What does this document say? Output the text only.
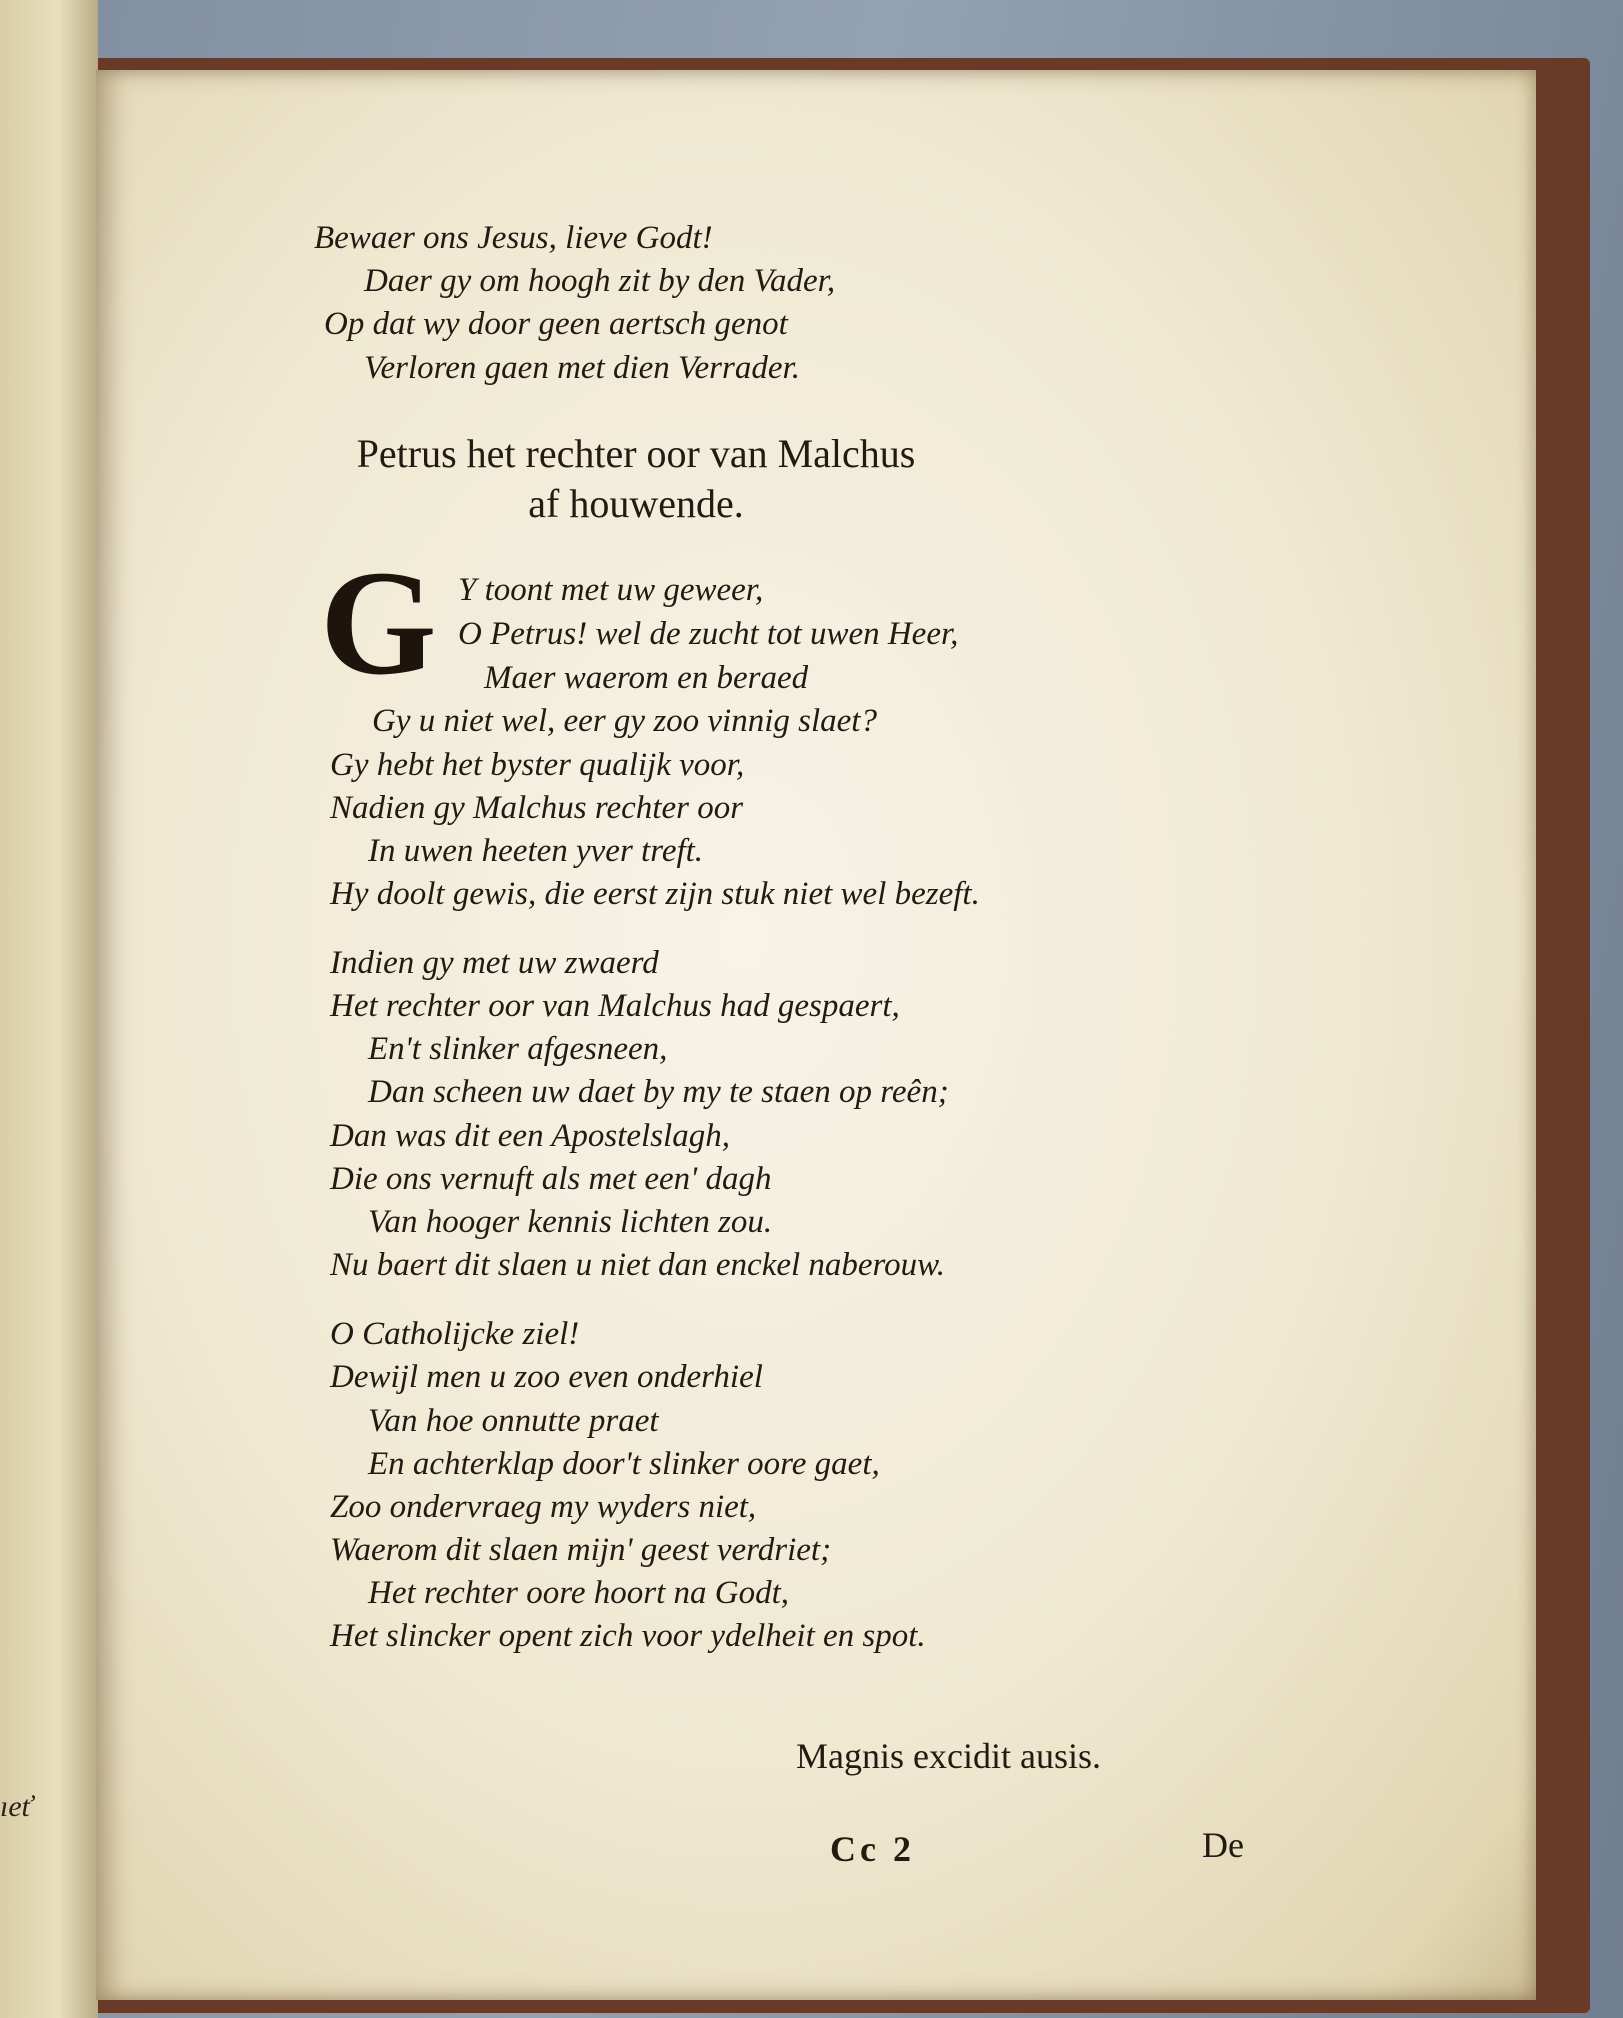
ıeť
Bewaer ons Jesus, lieve Godt!
Daer gy om hoogh zit by den Vader,
Op dat wy door geen aertsch genot
Verloren gaen met dien Verrader.
Petrus het rechter oor van Malchus
af houwende.
G Y toont met uw geweer,
O Petrus! wel de zucht tot uwen Heer,
Maer waerom en beraed
Gy u niet wel, eer gy zoo vinnig slaet?
Gy hebt het byster qualijk voor,
Nadien gy Malchus rechter oor
In uwen heeten yver treft.
Hy doolt gewis, die eerst zijn stuk niet wel bezeft.
Indien gy met uw zwaerd
Het rechter oor van Malchus had gespaert,
En't slinker afgesneen,
Dan scheen uw daet by my te staen op reên;
Dan was dit een Apostelslagh,
Die ons vernuft als met een' dagh
Van hooger kennis lichten zou.
Nu baert dit slaen u niet dan enckel naberouw.
O Catholijcke ziel!
Dewijl men u zoo even onderhiel
Van hoe onnutte praet
En achterklap door't slinker oore gaet,
Zoo ondervraeg my wyders niet,
Waerom dit slaen mijn' geest verdriet;
Het rechter oore hoort na Godt,
Het slincker opent zich voor ydelheit en spot.
Magnis excidit ausis.
Cc 2	De
